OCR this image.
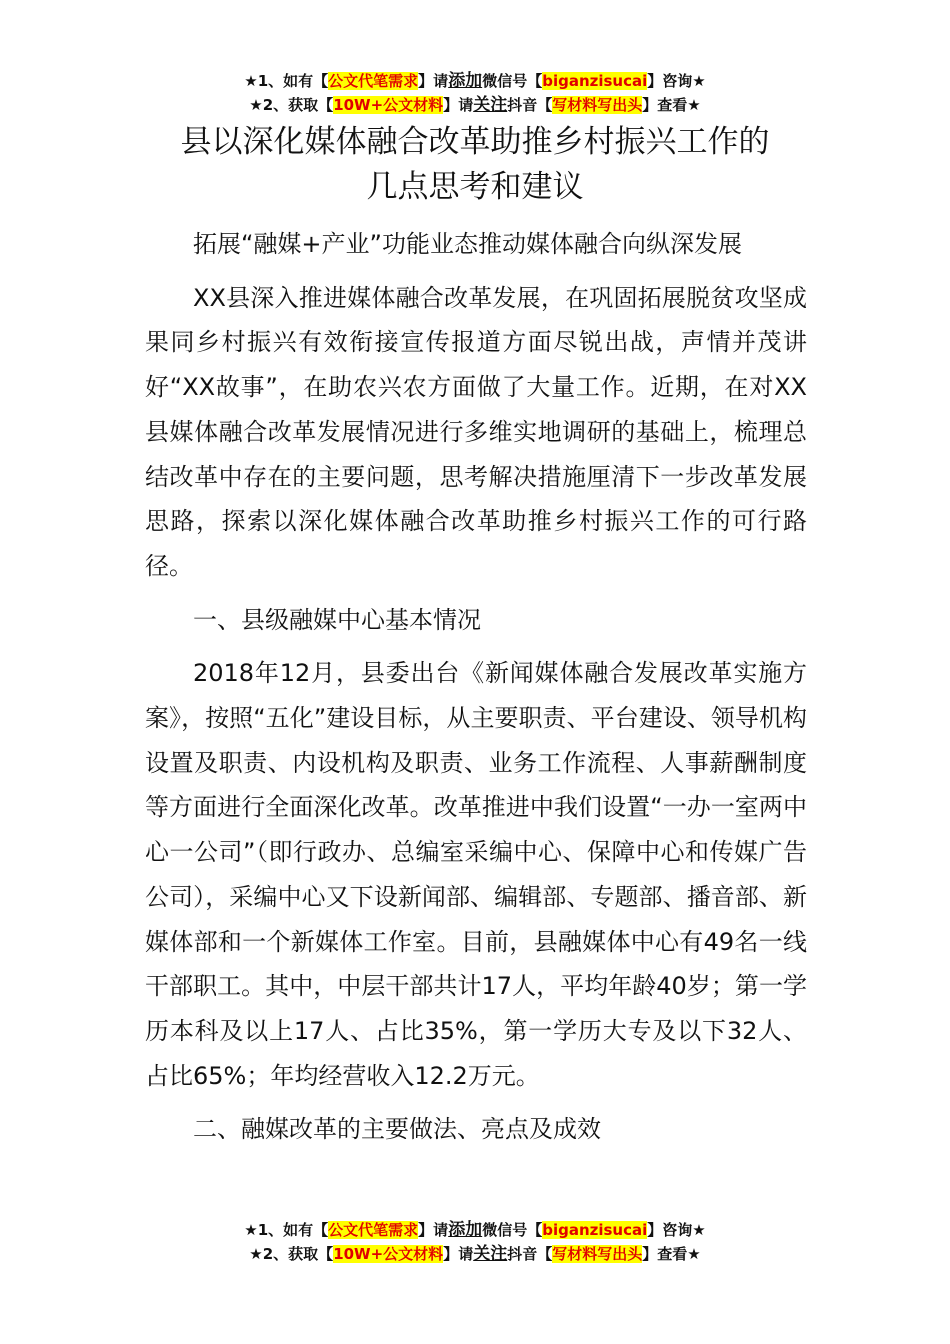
★1、如有【公文代笔需求】请添加微信号【biganzisucai】咨询★
★2、获取【10W+公文材料】请关注抖音【写材料写出头】查看★
县以深化媒体融合改革助推乡村振兴工作的
几点思考和建议

拓展“融媒+产业”功能业态推动媒体融合向纵深发展

XX县深入推进媒体融合改革发展，在巩固拓展脱贫攻坚成果同乡村振兴有效衔接宣传报道方面尽锐出战，声情并茂讲好“XX故事”，在助农兴农方面做了大量工作。近期，在对XX县媒体融合改革发展情况进行多维实地调研的基础上，梳理总结改革中存在的主要问题，思考解决措施厘清下一步改革发展思路，探索以深化媒体融合改革助推乡村振兴工作的可行路径。

一、县级融媒中心基本情况

2018年12月，县委出台《新闻媒体融合发展改革实施方案》，按照“五化”建设目标，从主要职责、平台建设、领导机构设置及职责、内设机构及职责、业务工作流程、人事薪酬制度等方面进行全面深化改革。改革推进中我们设置“一办一室两中心一公司”（即行政办、总编室采编中心、保障中心和传媒广告公司），采编中心又下设新闻部、编辑部、专题部、播音部、新媒体部和一个新媒体工作室。目前，县融媒体中心有49名一线干部职工。其中，中层干部共计17人，平均年龄40岁；第一学历本科及以上17人、占比35%，第一学历大专及以下32人、占比65%；年均经营收入12.2万元。

二、融媒改革的主要做法、亮点及成效

★1、如有【公文代笔需求】请添加微信号【biganzisucai】咨询★
★2、获取【10W+公文材料】请关注抖音【写材料写出头】查看★
